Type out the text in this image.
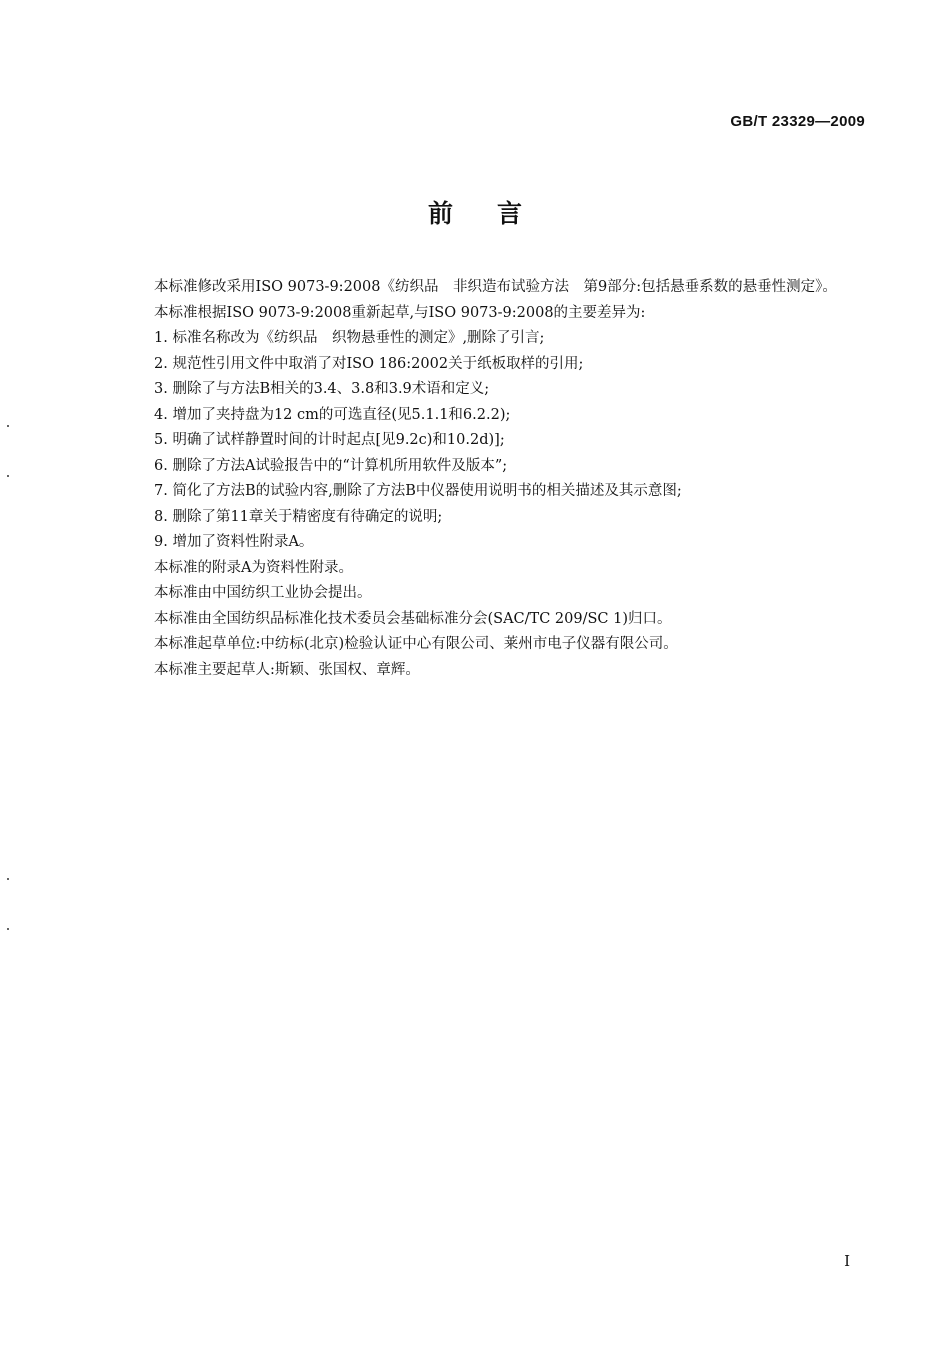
GB/T 23329—2009
前言

本标准修改采用ISO 9073-9:2008《纺织品　非织造布试验方法　第9部分:包括悬垂系数的悬垂性测定》。

本标准根据ISO 9073-9:2008重新起草,与ISO 9073-9:2008的主要差异为:

1. 标准名称改为《纺织品　织物悬垂性的测定》,删除了引言;

2. 规范性引用文件中取消了对ISO 186:2002关于纸板取样的引用;

3. 删除了与方法B相关的3.4、3.8和3.9术语和定义;

4. 增加了夹持盘为12 cm的可选直径(见5.1.1和6.2.2);

5. 明确了试样静置时间的计时起点[见9.2c)和10.2d)];

6. 删除了方法A试验报告中的“计算机所用软件及版本”;

7. 简化了方法B的试验内容,删除了方法B中仪器使用说明书的相关描述及其示意图;

8. 删除了第11章关于精密度有待确定的说明;

9. 增加了资料性附录A。

本标准的附录A为资料性附录。

本标准由中国纺织工业协会提出。

本标准由全国纺织品标准化技术委员会基础标准分会(SAC/TC 209/SC 1)归口。

本标准起草单位:中纺标(北京)检验认证中心有限公司、莱州市电子仪器有限公司。

本标准主要起草人:斯颖、张国权、章辉。

I
